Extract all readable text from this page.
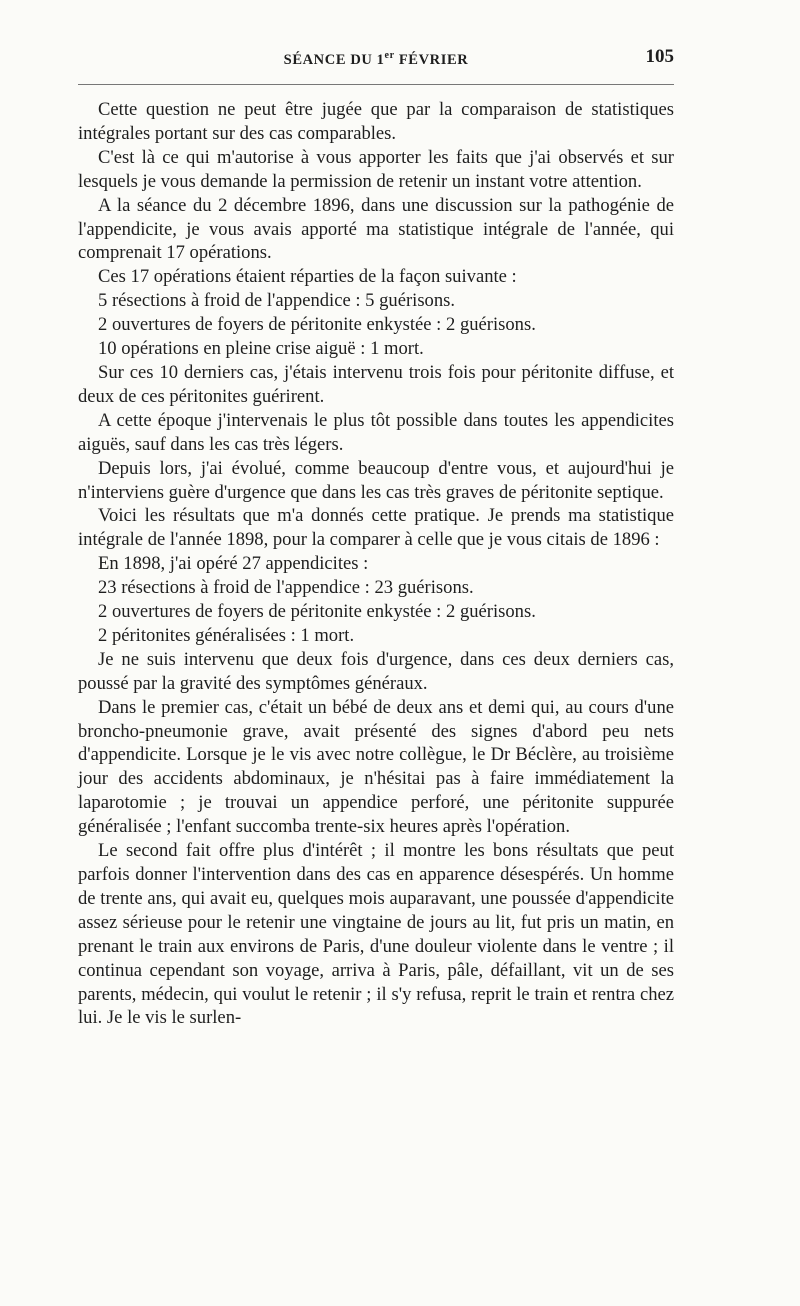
SÉANCE DU 1er FÉVRIER	105

Cette question ne peut être jugée que par la comparaison de statistiques intégrales portant sur des cas comparables.

C'est là ce qui m'autorise à vous apporter les faits que j'ai observés et sur lesquels je vous demande la permission de retenir un instant votre attention.

A la séance du 2 décembre 1896, dans une discussion sur la pathogénie de l'appendicite, je vous avais apporté ma statistique intégrale de l'année, qui comprenait 17 opérations.

Ces 17 opérations étaient réparties de la façon suivante :

5 résections à froid de l'appendice : 5 guérisons.

2 ouvertures de foyers de péritonite enkystée : 2 guérisons.

10 opérations en pleine crise aiguë : 1 mort.

Sur ces 10 derniers cas, j'étais intervenu trois fois pour péritonite diffuse, et deux de ces péritonites guérirent.

A cette époque j'intervenais le plus tôt possible dans toutes les appendicites aiguës, sauf dans les cas très légers.

Depuis lors, j'ai évolué, comme beaucoup d'entre vous, et aujourd'hui je n'interviens guère d'urgence que dans les cas très graves de péritonite septique.

Voici les résultats que m'a donnés cette pratique. Je prends ma statistique intégrale de l'année 1898, pour la comparer à celle que je vous citais de 1896 :

En 1898, j'ai opéré 27 appendicites :

23 résections à froid de l'appendice : 23 guérisons.

2 ouvertures de foyers de péritonite enkystée : 2 guérisons.

2 péritonites généralisées : 1 mort.

Je ne suis intervenu que deux fois d'urgence, dans ces deux derniers cas, poussé par la gravité des symptômes généraux.

Dans le premier cas, c'était un bébé de deux ans et demi qui, au cours d'une broncho-pneumonie grave, avait présenté des signes d'abord peu nets d'appendicite. Lorsque je le vis avec notre collègue, le Dr Béclère, au troisième jour des accidents abdominaux, je n'hésitai pas à faire immédiatement la laparotomie ; je trouvai un appendice perforé, une péritonite suppurée généralisée ; l'enfant succomba trente-six heures après l'opération.

Le second fait offre plus d'intérêt ; il montre les bons résultats que peut parfois donner l'intervention dans des cas en apparence désespérés. Un homme de trente ans, qui avait eu, quelques mois auparavant, une poussée d'appendicite assez sérieuse pour le retenir une vingtaine de jours au lit, fut pris un matin, en prenant le train aux environs de Paris, d'une douleur violente dans le ventre ; il continua cependant son voyage, arriva à Paris, pâle, défaillant, vit un de ses parents, médecin, qui voulut le retenir ; il s'y refusa, reprit le train et rentra chez lui. Je le vis le surlen-
